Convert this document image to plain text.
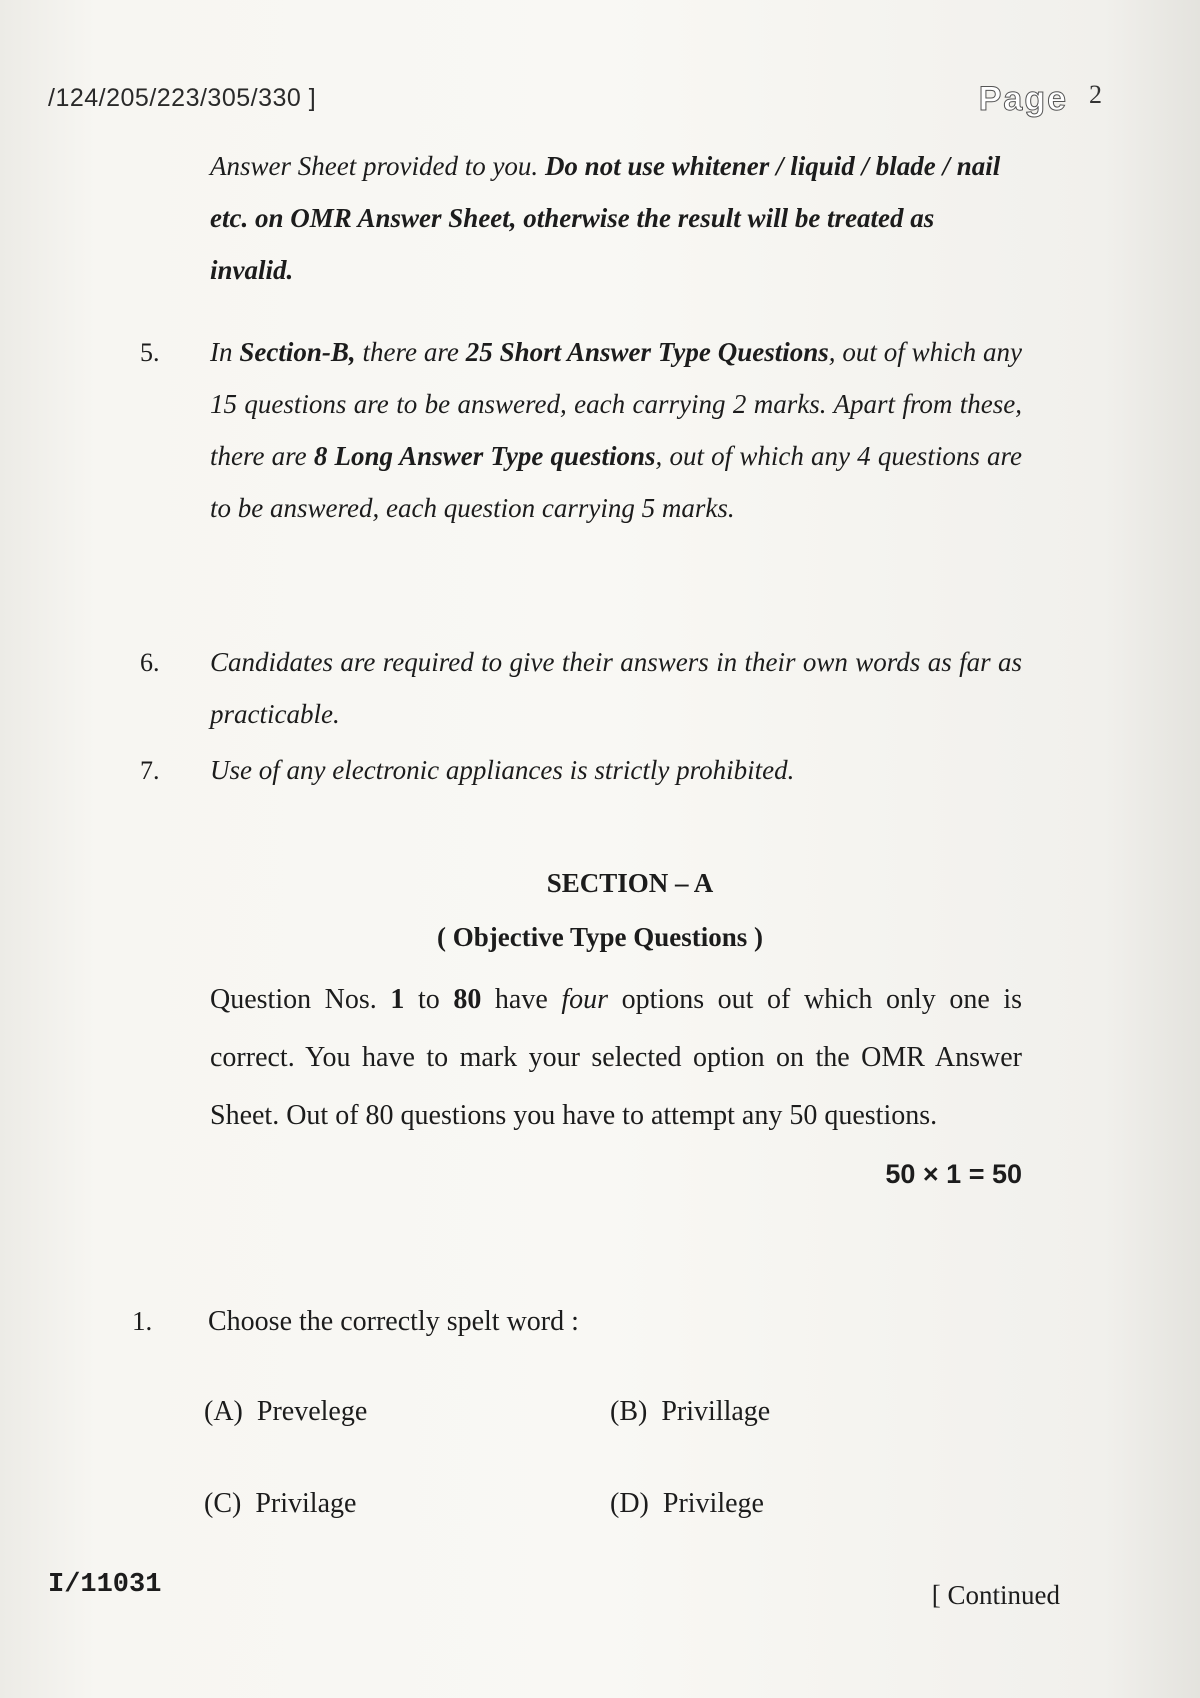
/124/205/223/305/330 ]	Page 2
Answer Sheet provided to you. Do not use whitener / liquid / blade / nail etc. on OMR Answer Sheet, otherwise the result will be treated as invalid.
5. In Section-B, there are 25 Short Answer Type Questions, out of which any 15 questions are to be answered, each carrying 2 marks. Apart from these, there are 8 Long Answer Type questions, out of which any 4 questions are to be answered, each question carrying 5 marks.
6. Candidates are required to give their answers in their own words as far as practicable.
7. Use of any electronic appliances is strictly prohibited.
SECTION – A
( Objective Type Questions )
Question Nos. 1 to 80 have four options out of which only one is correct. You have to mark your selected option on the OMR Answer Sheet. Out of 80 questions you have to attempt any 50 questions.
50 × 1 = 50
1. Choose the correctly spelt word :
(A) Prevelege	(B) Privillage
(C) Privilage	(D) Privilege
I/11031	[ Continued
